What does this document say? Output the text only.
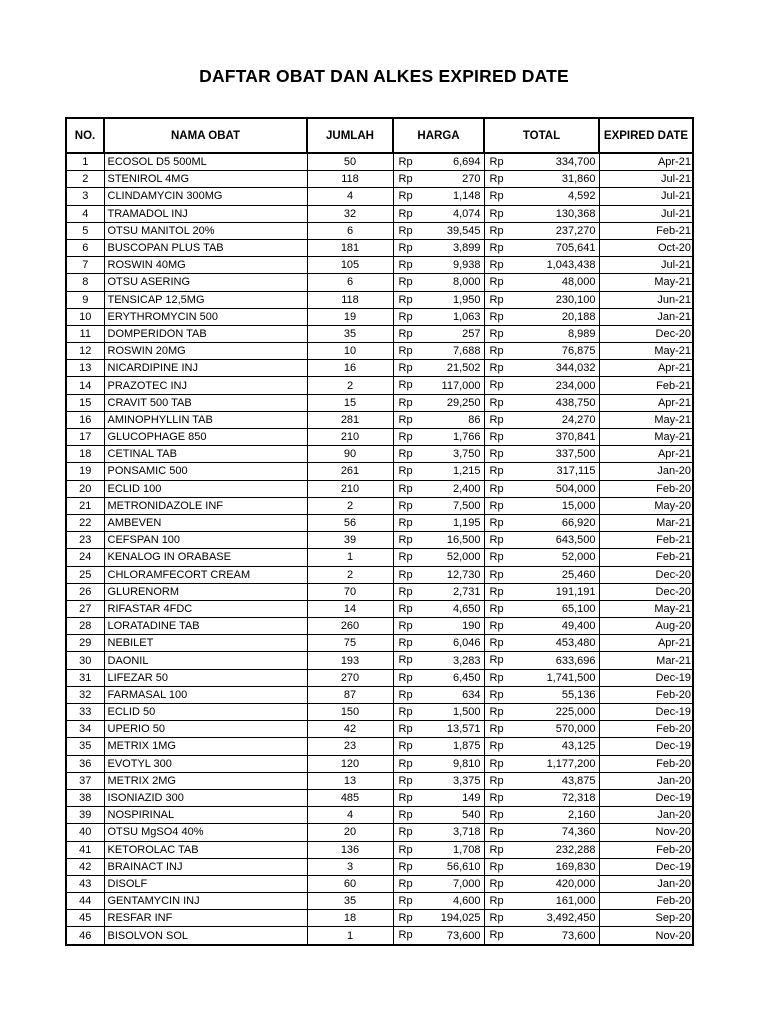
DAFTAR OBAT DAN ALKES EXPIRED DATE
NO.	NAMA OBAT	JUMLAH	HARGA	TOTAL	EXPIRED DATE
1	ECOSOL D5 500ML	50	Rp 6,694	Rp 334,700	Apr-21
2	STENIROL 4MG	118	Rp 270	Rp 31,860	Jul-21
3	CLINDAMYCIN 300MG	4	Rp 1,148	Rp 4,592	Jul-21
4	TRAMADOL INJ	32	Rp 4,074	Rp 130,368	Jul-21
5	OTSU MANITOL 20%	6	Rp 39,545	Rp 237,270	Feb-21
6	BUSCOPAN PLUS TAB	181	Rp 3,899	Rp 705,641	Oct-20
7	ROSWIN 40MG	105	Rp 9,938	Rp 1,043,438	Jul-21
8	OTSU ASERING	6	Rp 8,000	Rp 48,000	May-21
9	TENSICAP 12,5MG	118	Rp 1,950	Rp 230,100	Jun-21
10	ERYTHROMYCIN 500	19	Rp 1,063	Rp 20,188	Jan-21
11	DOMPERIDON TAB	35	Rp 257	Rp 8,989	Dec-20
12	ROSWIN 20MG	10	Rp 7,688	Rp 76,875	May-21
13	NICARDIPINE INJ	16	Rp 21,502	Rp 344,032	Apr-21
14	PRAZOTEC INJ	2	Rp 117,000	Rp 234,000	Feb-21
15	CRAVIT 500 TAB	15	Rp 29,250	Rp 438,750	Apr-21
16	AMINOPHYLLIN TAB	281	Rp 86	Rp 24,270	May-21
17	GLUCOPHAGE 850	210	Rp 1,766	Rp 370,841	May-21
18	CETINAL TAB	90	Rp 3,750	Rp 337,500	Apr-21
19	PONSAMIC 500	261	Rp 1,215	Rp 317,115	Jan-20
20	ECLID 100	210	Rp 2,400	Rp 504,000	Feb-20
21	METRONIDAZOLE INF	2	Rp 7,500	Rp 15,000	May-20
22	AMBEVEN	56	Rp 1,195	Rp 66,920	Mar-21
23	CEFSPAN 100	39	Rp 16,500	Rp 643,500	Feb-21
24	KENALOG IN ORABASE	1	Rp 52,000	Rp 52,000	Feb-21
25	CHLORAMFECORT CREAM	2	Rp 12,730	Rp 25,460	Dec-20
26	GLURENORM	70	Rp 2,731	Rp 191,191	Dec-20
27	RIFASTAR 4FDC	14	Rp 4,650	Rp 65,100	May-21
28	LORATADINE TAB	260	Rp 190	Rp 49,400	Aug-20
29	NEBILET	75	Rp 6,046	Rp 453,480	Apr-21
30	DAONIL	193	Rp 3,283	Rp 633,696	Mar-21
31	LIFEZAR 50	270	Rp 6,450	Rp 1,741,500	Dec-19
32	FARMASAL 100	87	Rp 634	Rp 55,136	Feb-20
33	ECLID 50	150	Rp 1,500	Rp 225,000	Dec-19
34	UPERIO 50	42	Rp 13,571	Rp 570,000	Feb-20
35	METRIX 1MG	23	Rp 1,875	Rp 43,125	Dec-19
36	EVOTYL 300	120	Rp 9,810	Rp 1,177,200	Feb-20
37	METRIX 2MG	13	Rp 3,375	Rp 43,875	Jan-20
38	ISONIAZID 300	485	Rp 149	Rp 72,318	Dec-19
39	NOSPIRINAL	4	Rp 540	Rp 2,160	Jan-20
40	OTSU MgSO4 40%	20	Rp 3,718	Rp 74,360	Nov-20
41	KETOROLAC TAB	136	Rp 1,708	Rp 232,288	Feb-20
42	BRAINACT INJ	3	Rp 56,610	Rp 169,830	Dec-19
43	DISOLF	60	Rp 7,000	Rp 420,000	Jan-20
44	GENTAMYCIN INJ	35	Rp 4,600	Rp 161,000	Feb-20
45	RESFAR INF	18	Rp 194,025	Rp 3,492,450	Sep-20
46	BISOLVON SOL	1	Rp 73,600	Rp 73,600	Nov-20
